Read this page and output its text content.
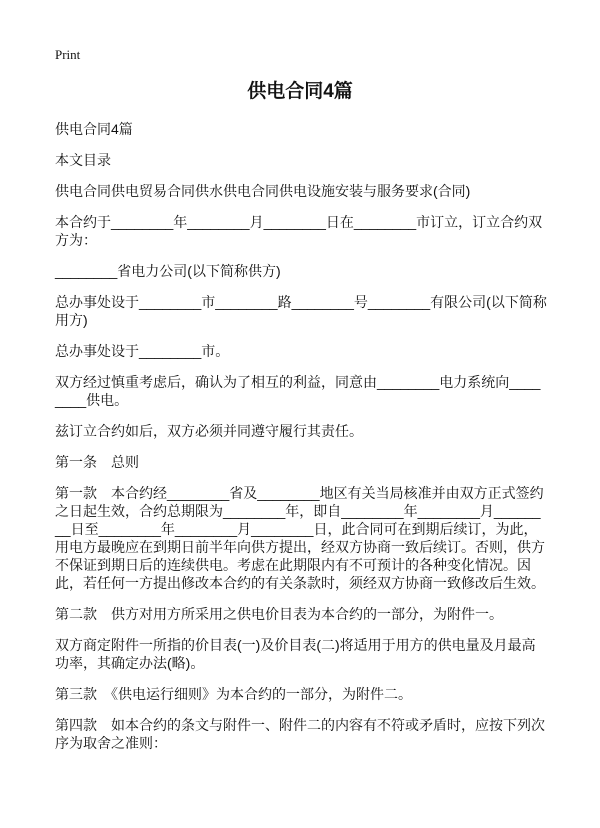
Print
供电合同4篇

供电合同4篇

本文目录

供电合同供电贸易合同供水供电合同供电设施安装与服务要求(合同)

本合约于________年________月________日在________市订立，订立合约双方为：

________省电力公司(以下简称供方)

总办事处设于________市________路________号________有限公司(以下简称用方)

总办事处设于________市。

双方经过慎重考虑后，确认为了相互的利益，同意由________电力系统向________供电。

兹订立合约如后，双方必须并同遵守履行其责任。

第一条　总则

第一款　本合约经________省及________地区有关当局核准并由双方正式签约之日起生效，合约总期限为________年，即自________年________月________日至________年________月________日，此合同可在到期后续订，为此，用电方最晚应在到期日前半年向供方提出，经双方协商一致后续订。否则，供方不保证到期日后的连续供电。考虑在此期限内有不可预计的各种变化情况。因此，若任何一方提出修改本合约的有关条款时，须经双方协商一致修改后生效。

第二款　供方对用方所采用之供电价目表为本合约的一部分，为附件一。

双方商定附件一所指的价目表(一)及价目表(二)将适用于用方的供电量及月最高功率，其确定办法(略)。

第三款　《供电运行细则》为本合约的一部分，为附件二。

第四款　如本合约的条文与附件一、附件二的内容有不符或矛盾时，应按下列次序为取舍之准则：
